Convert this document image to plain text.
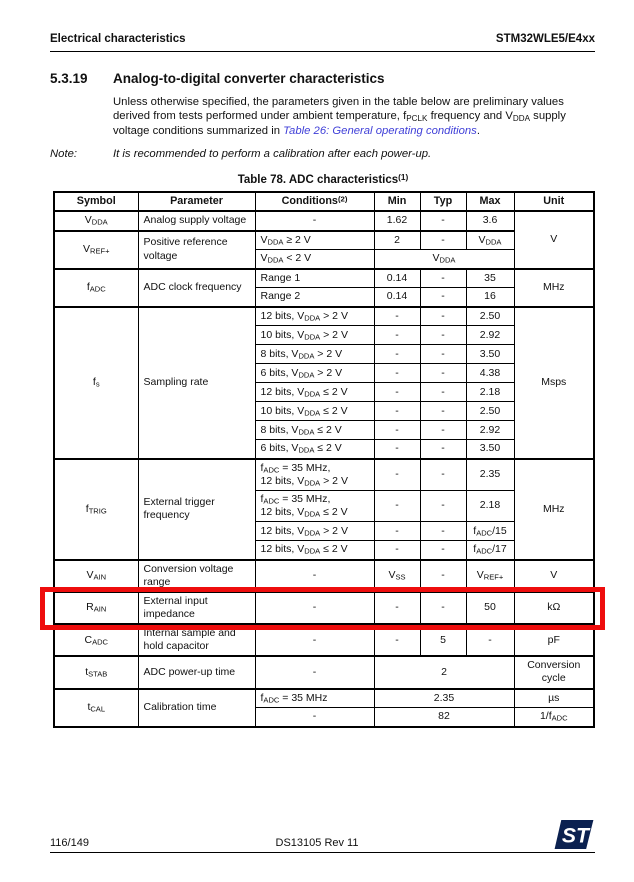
Electrical characteristics	STM32WLE5/E4xx
5.3.19	Analog-to-digital converter characteristics

Unless otherwise specified, the parameters given in the table below are preliminary values derived from tests performed under ambient temperature, $f_{PCLK}$ frequency and $V_{DDA}$ supply voltage conditions summarized in Table 26: General operating conditions.

Note:	It is recommended to perform a calibration after each power-up.
Table 78. ADC characteristics$^{(1)}$
Symbol	Parameter	Conditions$^{(2)}$	Min	Typ	Max	Unit
$V_{DDA}$	Analog supply voltage	-	1.62	-	3.6	V
$V_{REF+}$	Positive reference voltage	$V_{DDA} \ge 2$ V	2	-	$V_{DDA}$
		$V_{DDA} < 2$ V	$V_{DDA}$
$f_{ADC}$	ADC clock frequency	Range 1	0.14	-	35	MHz
		Range 2	0.14	-	16	
$f_s$	Sampling rate	12 bits, $V_{DDA} > 2$ V	-	-	2.50	Msps
		10 bits, $V_{DDA} > 2$ V	-	-	2.92	
		8 bits, $V_{DDA} > 2$ V	-	-	3.50	
		6 bits, $V_{DDA} > 2$ V	-	-	4.38	
		12 bits, $V_{DDA} \le 2$ V	-	-	2.18	
		10 bits, $V_{DDA} \le 2$ V	-	-	2.50	
		8 bits, $V_{DDA} \le 2$ V	-	-	2.92	
		6 bits, $V_{DDA} \le 2$ V	-	-	3.50	
$f_{TRIG}$	External trigger frequency	$f_{ADC} = 35$ MHz,
12 bits, $V_{DDA} > 2$ V	-	-	2.35	MHz
		$f_{ADC} = 35$ MHz,
12 bits, $V_{DDA} \le 2$ V	-	-	2.18	
		12 bits, $V_{DDA} > 2$ V	-	-	$f_{ADC}/15$	
		12 bits, $V_{DDA} \le 2$ V	-	-	$f_{ADC}/17$	
$V_{AIN}$	Conversion voltage range	-	$V_{SS}$	-	$V_{REF+}$	V
$R_{AIN}$	External input impedance	-	-	-	50	kΩ
$C_{ADC}$	Internal sample and hold capacitor	-	-	5	-	pF
$t_{STAB}$	ADC power-up time	-	2			Conversion cycle
$t_{CAL}$	Calibration time	$f_{ADC} = 35$ MHz	2.35			µs
		-	82			$1/f_{ADC}$
116/149	DS13105 Rev 11	ST
